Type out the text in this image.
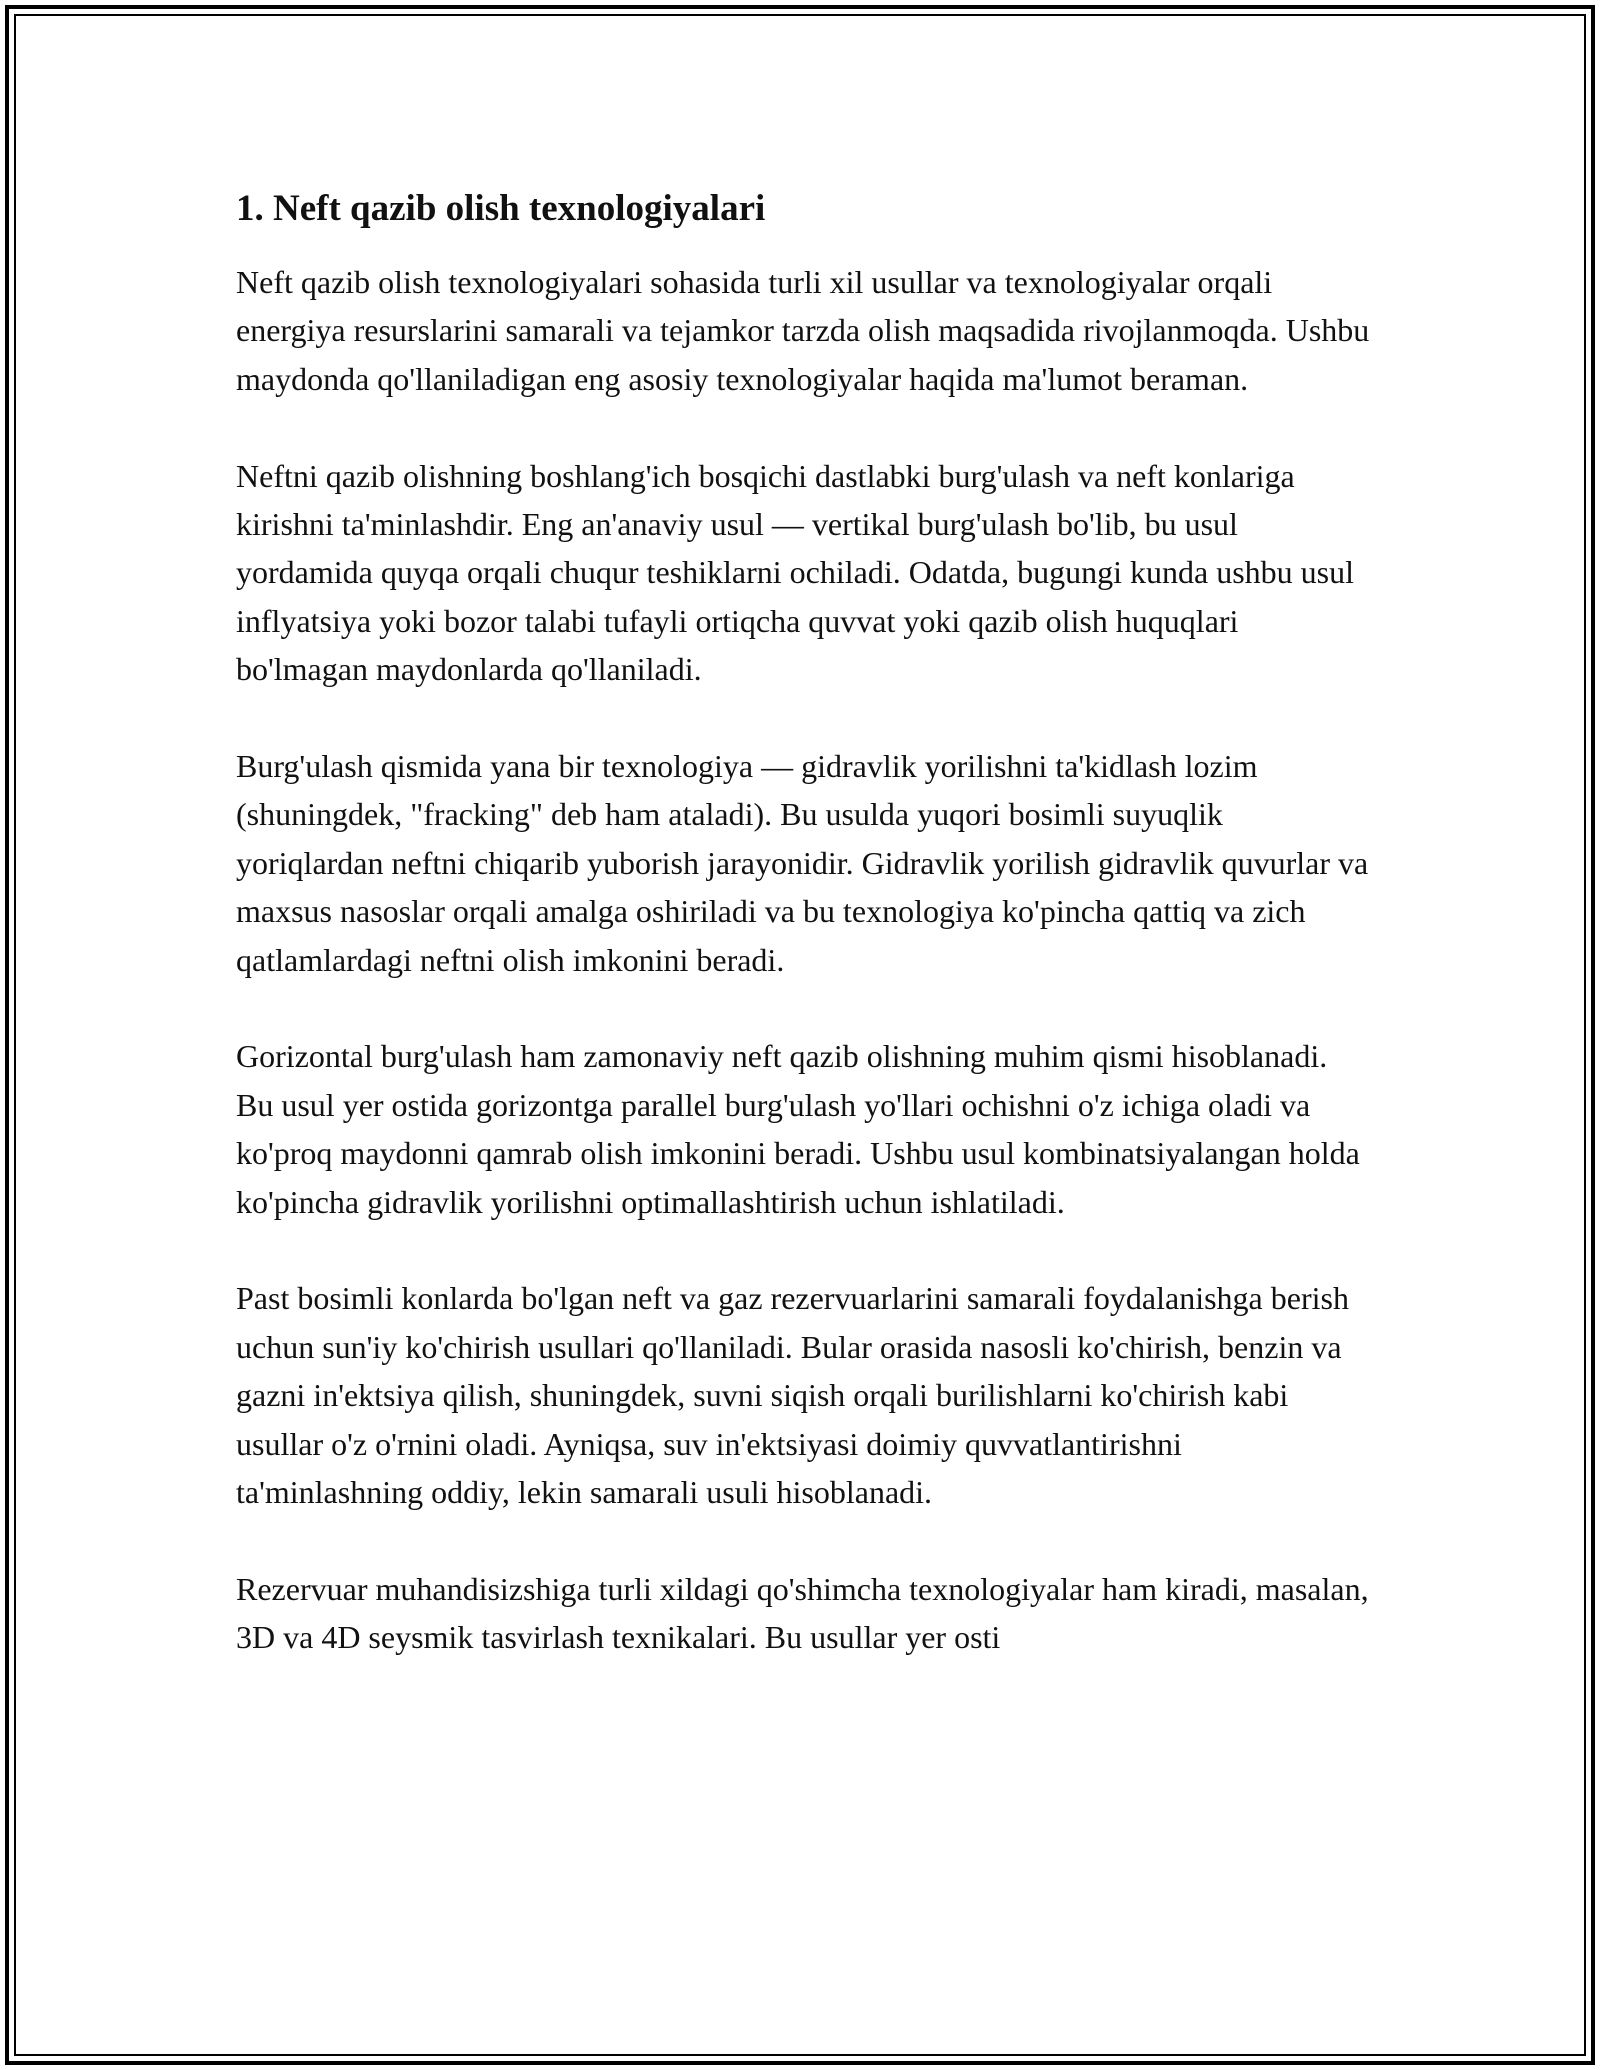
1. Neft qazib olish texnologiyalari

Neft qazib olish texnologiyalari sohasida turli xil usullar va texnologiyalar orqali energiya resurslarini samarali va tejamkor tarzda olish maqsadida rivojlanmoqda. Ushbu maydonda qo'llaniladigan eng asosiy texnologiyalar haqida ma'lumot beraman.

Neftni qazib olishning boshlang'ich bosqichi dastlabki burg'ulash va neft konlariga kirishni ta'minlashdir. Eng an'anaviy usul — vertikal burg'ulash bo'lib, bu usul yordamida quyqa orqali chuqur teshiklarni ochiladi. Odatda, bugungi kunda ushbu usul inflyatsiya yoki bozor talabi tufayli ortiqcha quvvat yoki qazib olish huquqlari bo'lmagan maydonlarda qo'llaniladi.

Burg'ulash qismida yana bir texnologiya — gidravlik yorilishni ta'kidlash lozim (shuningdek, "fracking" deb ham ataladi). Bu usulda yuqori bosimli suyuqlik yoriqlardan neftni chiqarib yuborish jarayonidir. Gidravlik yorilish gidravlik quvurlar va maxsus nasoslar orqali amalga oshiriladi va bu texnologiya ko'pincha qattiq va zich qatlamlardagi neftni olish imkonini beradi.

Gorizontal burg'ulash ham zamonaviy neft qazib olishning muhim qismi hisoblanadi. Bu usul yer ostida gorizontga parallel burg'ulash yo'llari ochishni o'z ichiga oladi va ko'proq maydonni qamrab olish imkonini beradi. Ushbu usul kombinatsiyalangan holda ko'pincha gidravlik yorilishni optimallashtirish uchun ishlatiladi.

Past bosimli konlarda bo'lgan neft va gaz rezervuarlarini samarali foydalanishga berish uchun sun'iy ko'chirish usullari qo'llaniladi. Bular orasida nasosli ko'chirish, benzin va gazni in'ektsiya qilish, shuningdek, suvni siqish orqali burilishlarni ko'chirish kabi usullar o'z o'rnini oladi. Ayniqsa, suv in'ektsiyasi doimiy quvvatlantirishni ta'minlashning oddiy, lekin samarali usuli hisoblanadi.

Rezervuar muhandisizshiga turli xildagi qo'shimcha texnologiyalar ham kiradi, masalan, 3D va 4D seysmik tasvirlash texnikalari. Bu usullar yer osti
